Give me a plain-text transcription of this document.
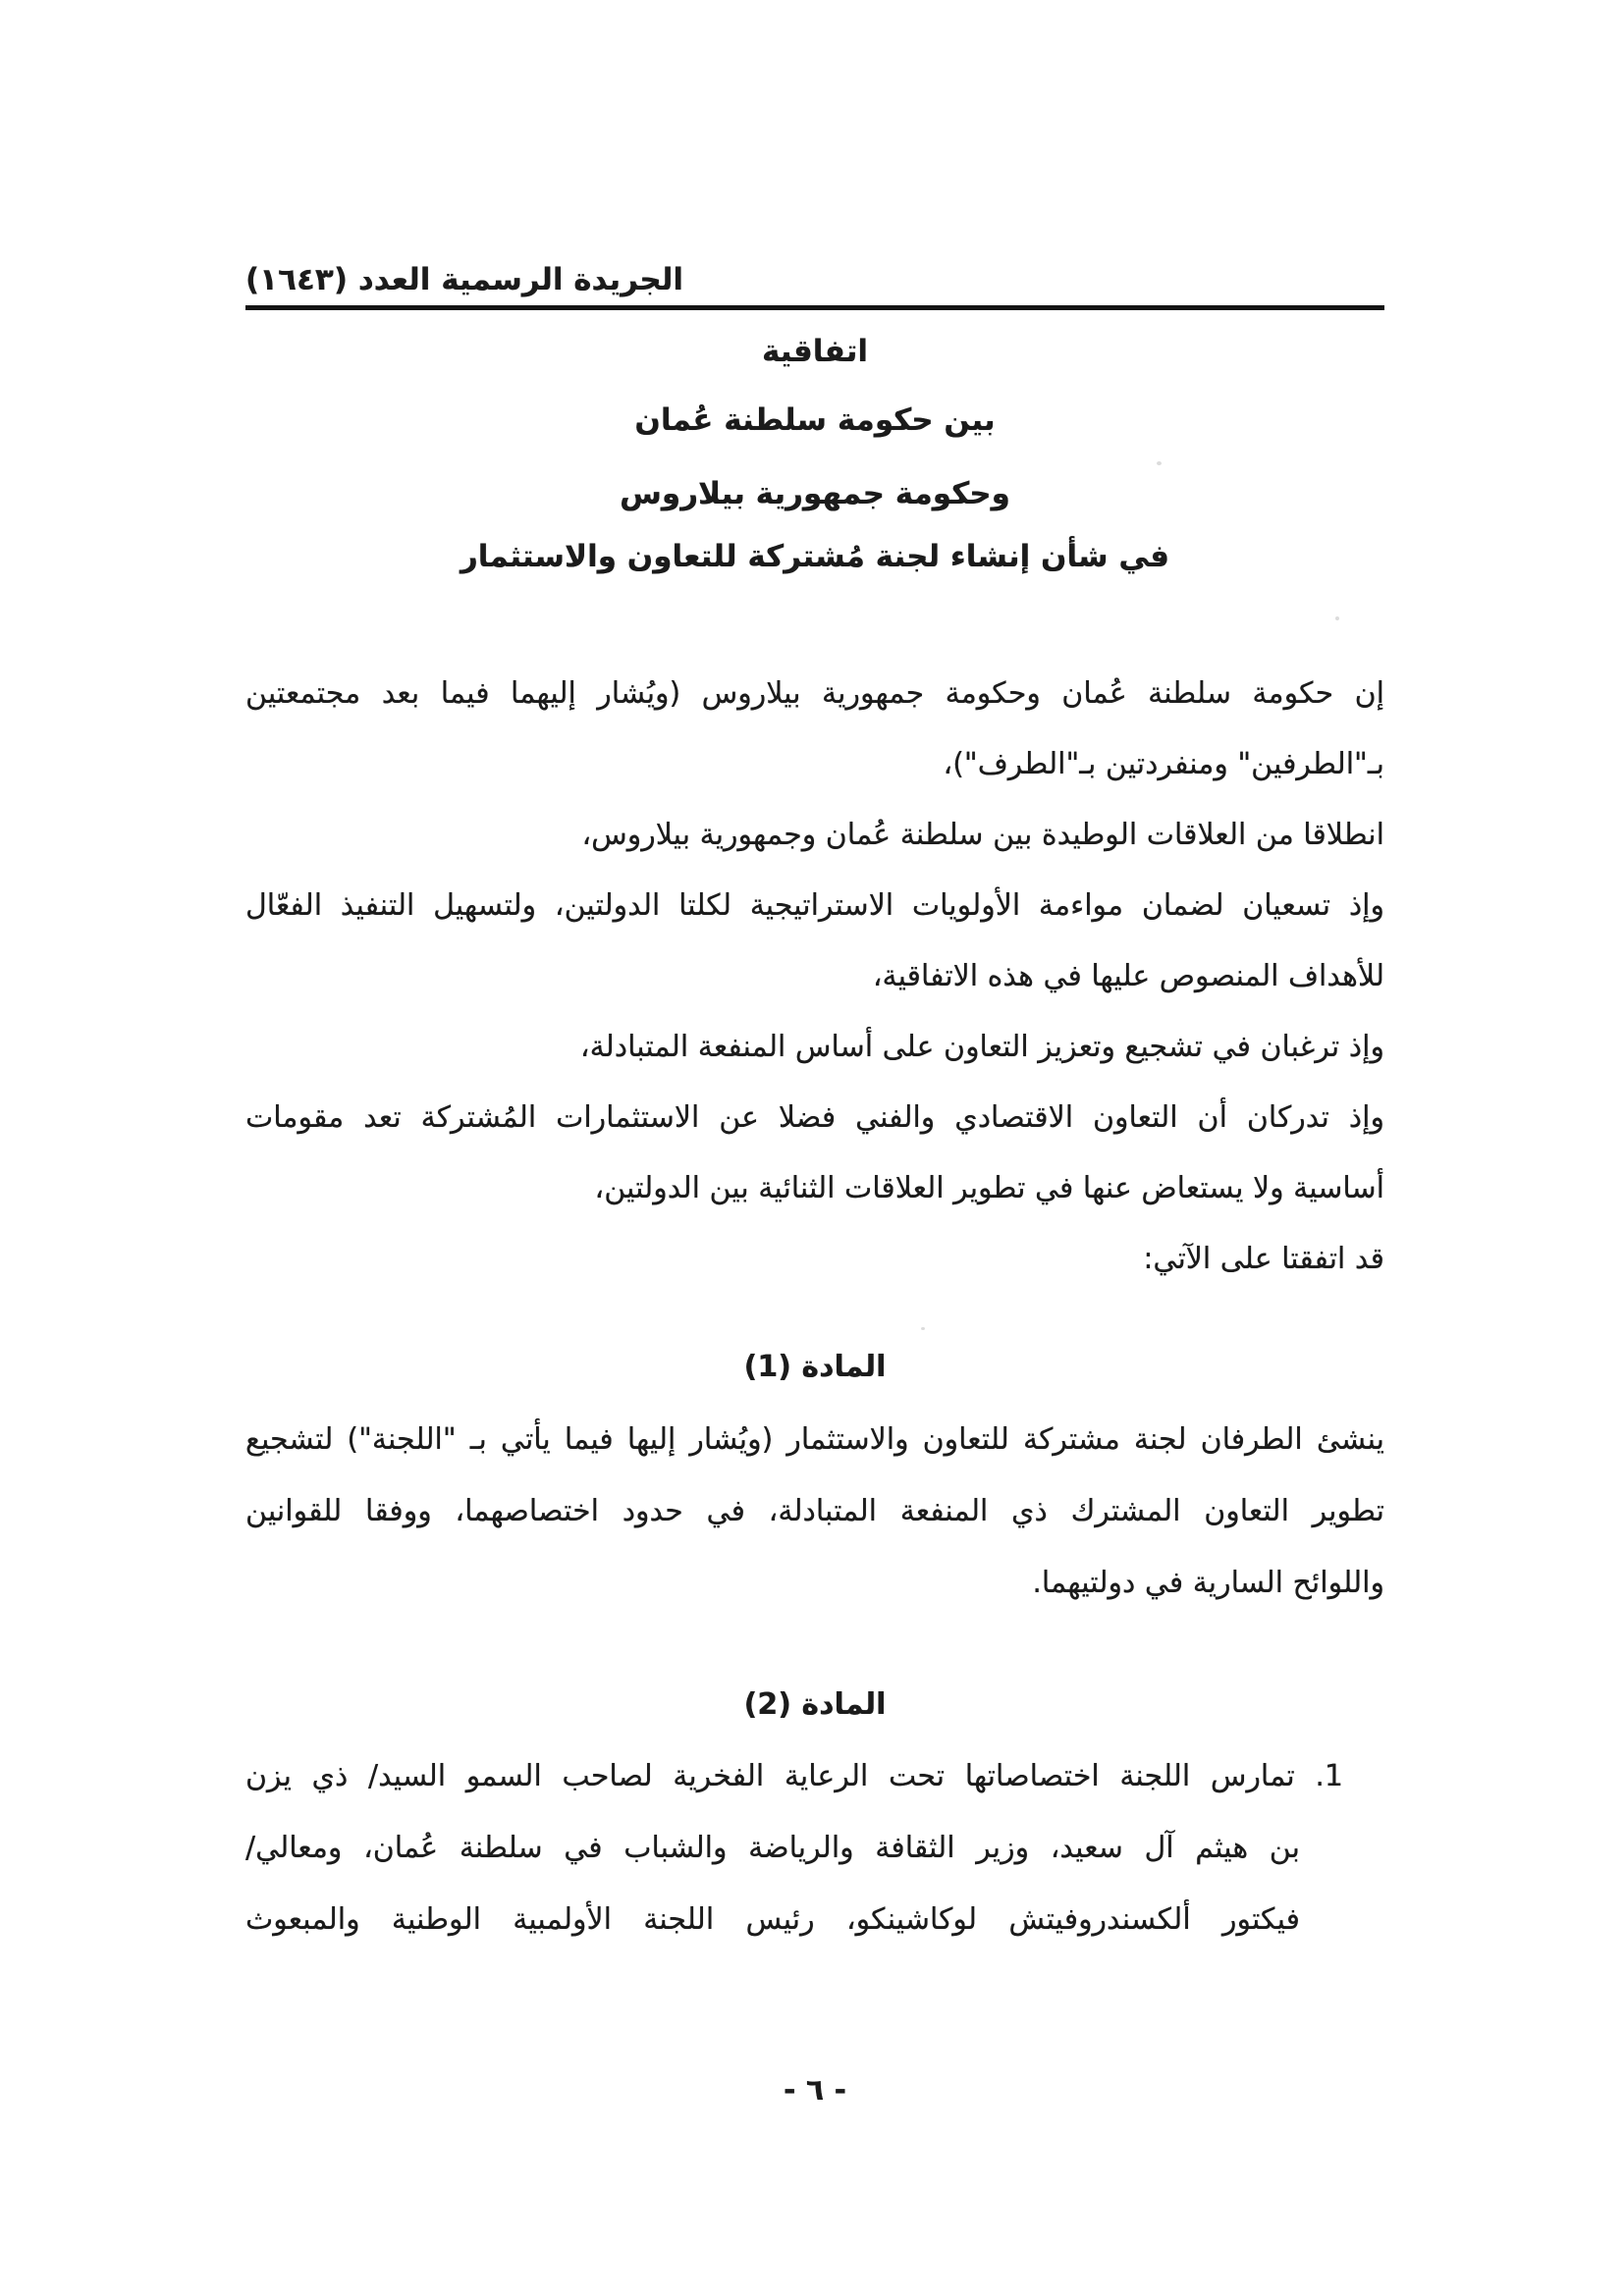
الجريدة الرسمية العدد (١٦٤٣)
اتفاقية
بين حكومة سلطنة عُمان
وحكومة جمهورية بيلاروس
في شأن إنشاء لجنة مُشتركة للتعاون والاستثمار
إن حكومة سلطنة عُمان وحكومة جمهورية بيلاروس (ويُشار إليهما فيما بعد مجتمعتين
بـ"الطرفين" ومنفردتين بـ"الطرف")،
انطلاقا من العلاقات الوطيدة بين سلطنة عُمان وجمهورية بيلاروس،
وإذ تسعيان لضمان مواءمة الأولويات الاستراتيجية لكلتا الدولتين، ولتسهيل التنفيذ الفعّال
للأهداف المنصوص عليها في هذه الاتفاقية،
وإذ ترغبان في تشجيع وتعزيز التعاون على أساس المنفعة المتبادلة،
وإذ تدركان أن التعاون الاقتصادي والفني فضلا عن الاستثمارات المُشتركة تعد مقومات
أساسية ولا يستعاض عنها في تطوير العلاقات الثنائية بين الدولتين،
قد اتفقتا على الآتي:
المادة (1)
ينشئ الطرفان لجنة مشتركة للتعاون والاستثمار (ويُشار إليها فيما يأتي بـ "اللجنة") لتشجيع
تطوير التعاون المشترك ذي المنفعة المتبادلة، في حدود اختصاصهما، ووفقا للقوانين
واللوائح السارية في دولتيهما.
المادة (2)
1. تمارس اللجنة اختصاصاتها تحت الرعاية الفخرية لصاحب السمو السيد/ ذي يزن
بن هيثم آل سعيد، وزير الثقافة والرياضة والشباب في سلطنة عُمان، ومعالي/
فيكتور ألكسندروفيتش لوكاشينكو، رئيس اللجنة الأولمبية الوطنية والمبعوث
- ٦ -
